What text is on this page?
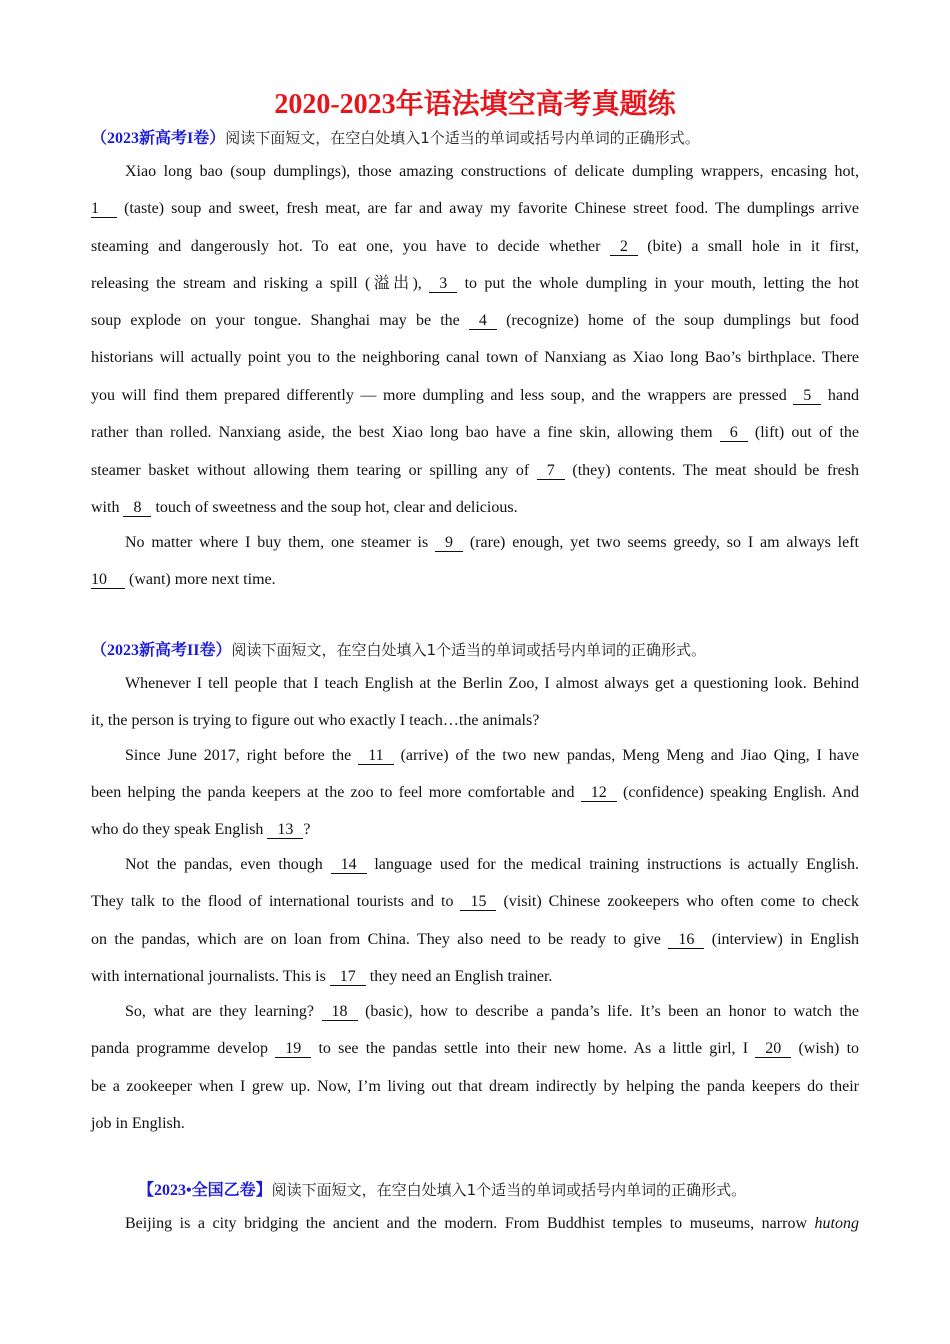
2020-2023年语法填空高考真题练
（2023新高考I卷）阅读下面短文，在空白处填入1个适当的单词或括号内单词的正确形式。
Xiao long bao (soup dumplings), those amazing constructions of delicate dumpling wrappers, encasing hot,
1 (taste) soup and sweet, fresh meat, are far and away my favorite Chinese street food. The dumplings arrive
steaming and dangerously hot. To eat one, you have to decide whether 2 (bite) a small hole in it first,
releasing the stream and risking a spill (溢出), 3 to put the whole dumpling in your mouth, letting the hot
soup explode on your tongue. Shanghai may be the 4 (recognize) home of the soup dumplings but food
historians will actually point you to the neighboring canal town of Nanxiang as Xiao long Bao’s birthplace. There
you will find them prepared differently — more dumpling and less soup, and the wrappers are pressed 5 hand
rather than rolled. Nanxiang aside, the best Xiao long bao have a fine skin, allowing them 6 (lift) out of the
steamer basket without allowing them tearing or spilling any of 7 (they) contents. The meat should be fresh
with 8 touch of sweetness and the soup hot, clear and delicious.
No matter where I buy them, one steamer is 9 (rare) enough, yet two seems greedy, so I am always left
10 (want) more next time.
（2023新高考II卷）阅读下面短文，在空白处填入1个适当的单词或括号内单词的正确形式。
Whenever I tell people that I teach English at the Berlin Zoo, I almost always get a questioning look. Behind
it, the person is trying to figure out who exactly I teach…the animals?
Since June 2017, right before the 11 (arrive) of the two new pandas, Meng Meng and Jiao Qing, I have
been helping the panda keepers at the zoo to feel more comfortable and 12 (confidence) speaking English. And
who do they speak English 13 ?
Not the pandas, even though 14 language used for the medical training instructions is actually English.
They talk to the flood of international tourists and to 15 (visit) Chinese zookeepers who often come to check
on the pandas, which are on loan from China. They also need to be ready to give 16 (interview) in English
with international journalists. This is 17 they need an English trainer.
So, what are they learning? 18 (basic), how to describe a panda’s life. It’s been an honor to watch the
panda programme develop 19 to see the pandas settle into their new home. As a little girl, I 20 (wish) to
be a zookeeper when I grew up. Now, I’m living out that dream indirectly by helping the panda keepers do their
job in English.
【2023•全国乙卷】阅读下面短文，在空白处填入1个适当的单词或括号内单词的正确形式。
Beijing is a city bridging the ancient and the modern. From Buddhist temples to museums, narrow hutong
